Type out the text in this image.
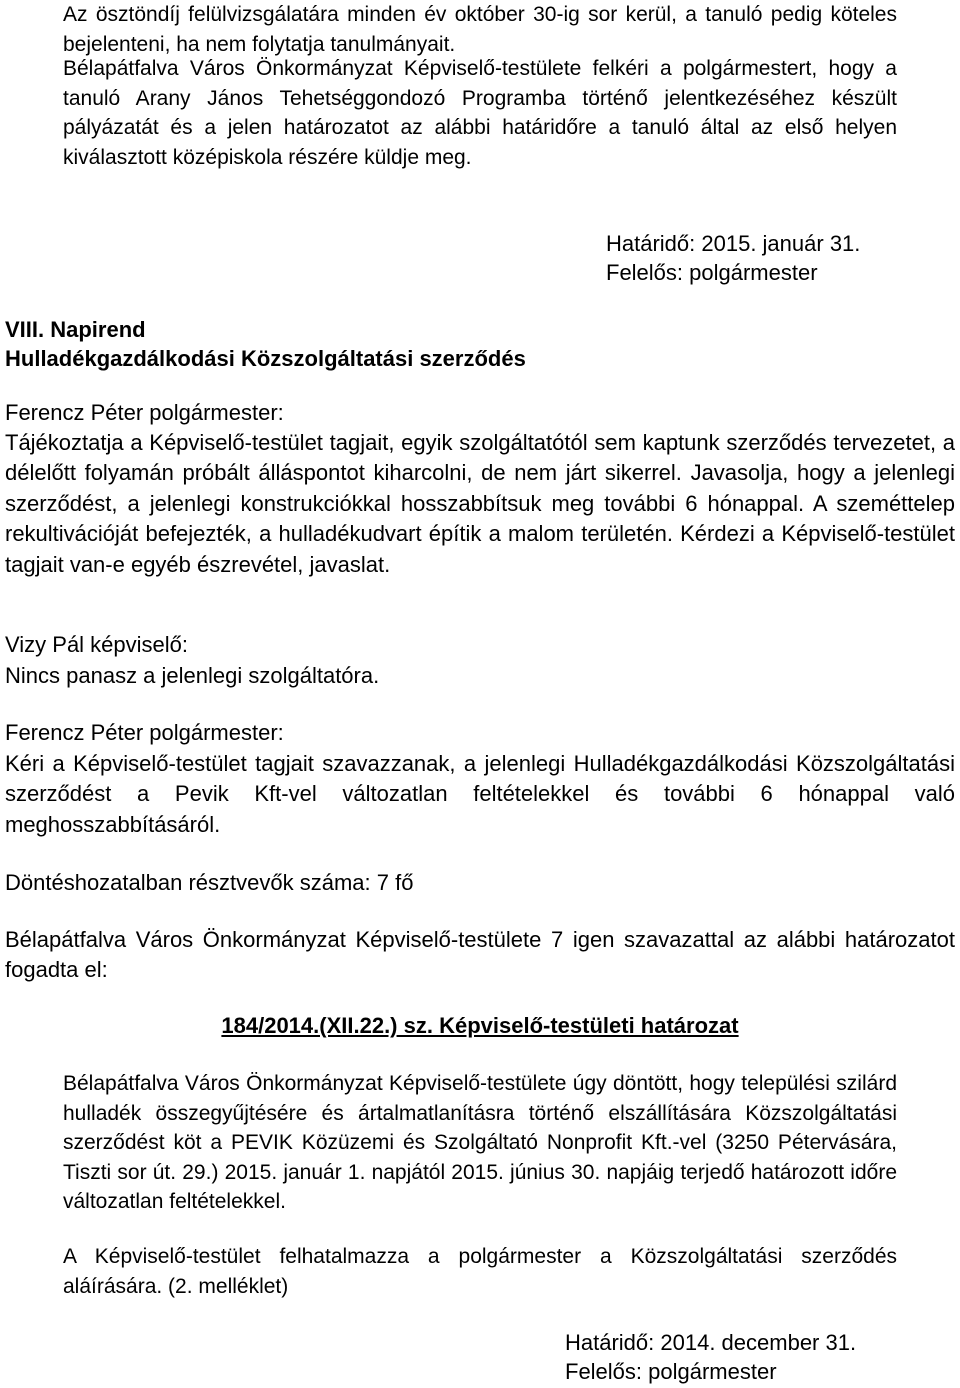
Az ösztöndíj felülvizsgálatára minden év október 30-ig sor kerül, a tanuló pedig köteles bejelenteni, ha nem folytatja tanulmányait.

Bélapátfalva Város Önkormányzat Képviselő-testülete felkéri a polgármestert, hogy a tanuló Arany János Tehetséggondozó Programba történő jelentkezéséhez készült pályázatát és a jelen határozatot az alábbi határidőre a tanuló által az első helyen kiválasztott középiskola részére küldje meg.

Határidő: 2015. január 31.

Felelős: polgármester

VIII. Napirend

Hulladékgazdálkodási Közszolgáltatási szerződés

Ferencz Péter polgármester:

Tájékoztatja a Képviselő-testület tagjait, egyik szolgáltatótól sem kaptunk szerződés tervezetet, a délelőtt folyamán próbált álláspontot kiharcolni, de nem járt sikerrel. Javasolja, hogy a jelenlegi szerződést, a jelenlegi konstrukciókkal hosszabbítsuk meg további 6 hónappal. A szeméttelep rekultivációját befejezték, a hulladékudvart építik a malom területén. Kérdezi a Képviselő-testület tagjait van-e egyéb észrevétel, javaslat.

Vizy Pál képviselő:

Nincs panasz a jelenlegi szolgáltatóra.

Ferencz Péter polgármester:

Kéri a Képviselő-testület tagjait szavazzanak, a jelenlegi Hulladékgazdálkodási Közszolgáltatási szerződést a Pevik Kft-vel változatlan feltételekkel és további 6 hónappal való meghosszabbításáról.

Döntéshozatalban résztvevők száma: 7 fő

Bélapátfalva Város Önkormányzat Képviselő-testülete 7 igen szavazattal az alábbi határozatot fogadta el:

184/2014.(XII.22.) sz. Képviselő-testületi határozat

Bélapátfalva Város Önkormányzat Képviselő-testülete úgy döntött, hogy települési szilárd hulladék összegyűjtésére és ártalmatlanításra történő elszállítására Közszolgáltatási szerződést köt a PEVIK Közüzemi és Szolgáltató Nonprofit Kft.-vel (3250 Pétervására, Tiszti sor út. 29.) 2015. január 1. napjától 2015. június 30. napjáig terjedő határozott időre változatlan feltételekkel.

A Képviselő-testület felhatalmazza a polgármester a Közszolgáltatási szerződés aláírására. (2. melléklet)

Határidő: 2014. december 31.

Felelős: polgármester
